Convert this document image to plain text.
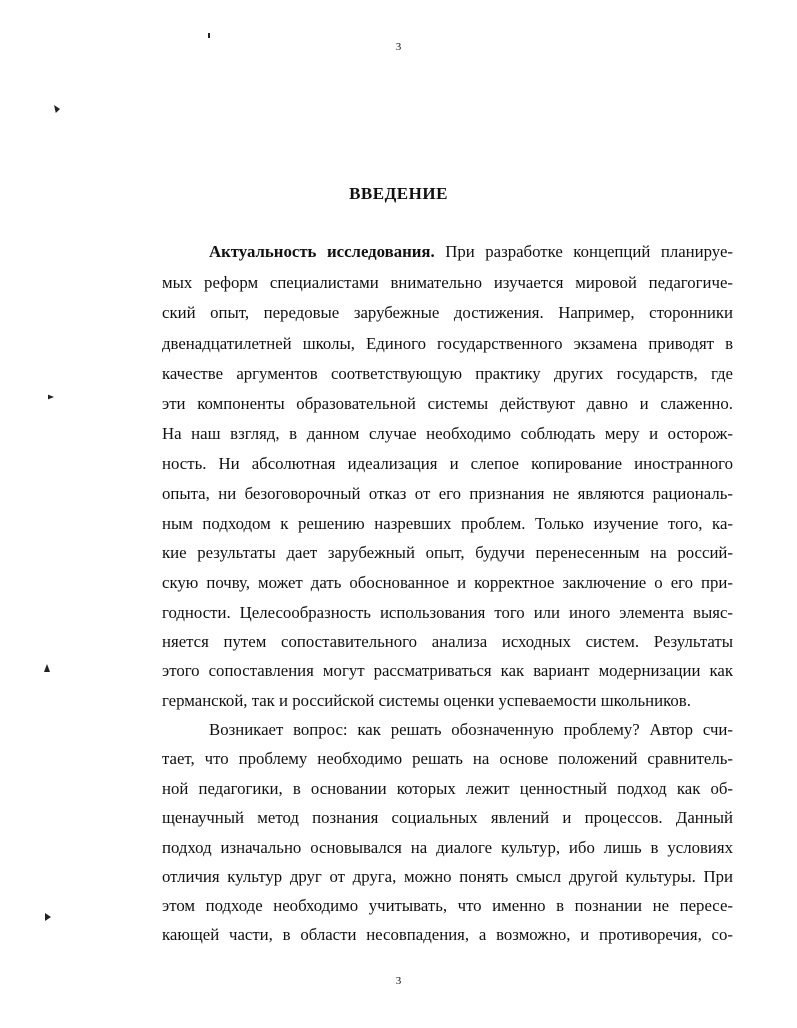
3
ВВЕДЕНИЕ
Актуальность исследования. При разработке концепций планируе-
мых реформ специалистами внимательно изучается мировой педагогиче-
ский опыт, передовые зарубежные достижения. Например, сторонники
двенадцатилетней школы, Единого государственного экзамена приводят в
качестве аргументов соответствующую практику других государств, где
эти компоненты образовательной системы действуют давно и слаженно.
На наш взгляд, в данном случае необходимо соблюдать меру и осторож-
ность. Ни абсолютная идеализация и слепое копирование иностранного
опыта, ни безоговорочный отказ от его признания не являются рациональ-
ным подходом к решению назревших проблем. Только изучение того, ка-
кие результаты дает зарубежный опыт, будучи перенесенным на россий-
скую почву, может дать обоснованное и корректное заключение о его при-
годности. Целесообразность использования того или иного элемента выяс-
няется путем сопоставительного анализа исходных систем. Результаты
этого сопоставления могут рассматриваться как вариант модернизации как
германской, так и российской системы оценки успеваемости школьников.
Возникает вопрос: как решать обозначенную проблему? Автор счи-
тает, что проблему необходимо решать на основе положений сравнитель-
ной педагогики, в основании которых лежит ценностный подход как об-
щенаучный метод познания социальных явлений и процессов. Данный
подход изначально основывался на диалоге культур, ибо лишь в условиях
отличия культур друг от друга, можно понять смысл другой культуры. При
этом подходе необходимо учитывать, что именно в познании не пересе-
кающей части, в области несовпадения, а возможно, и противоречия, со-
3
